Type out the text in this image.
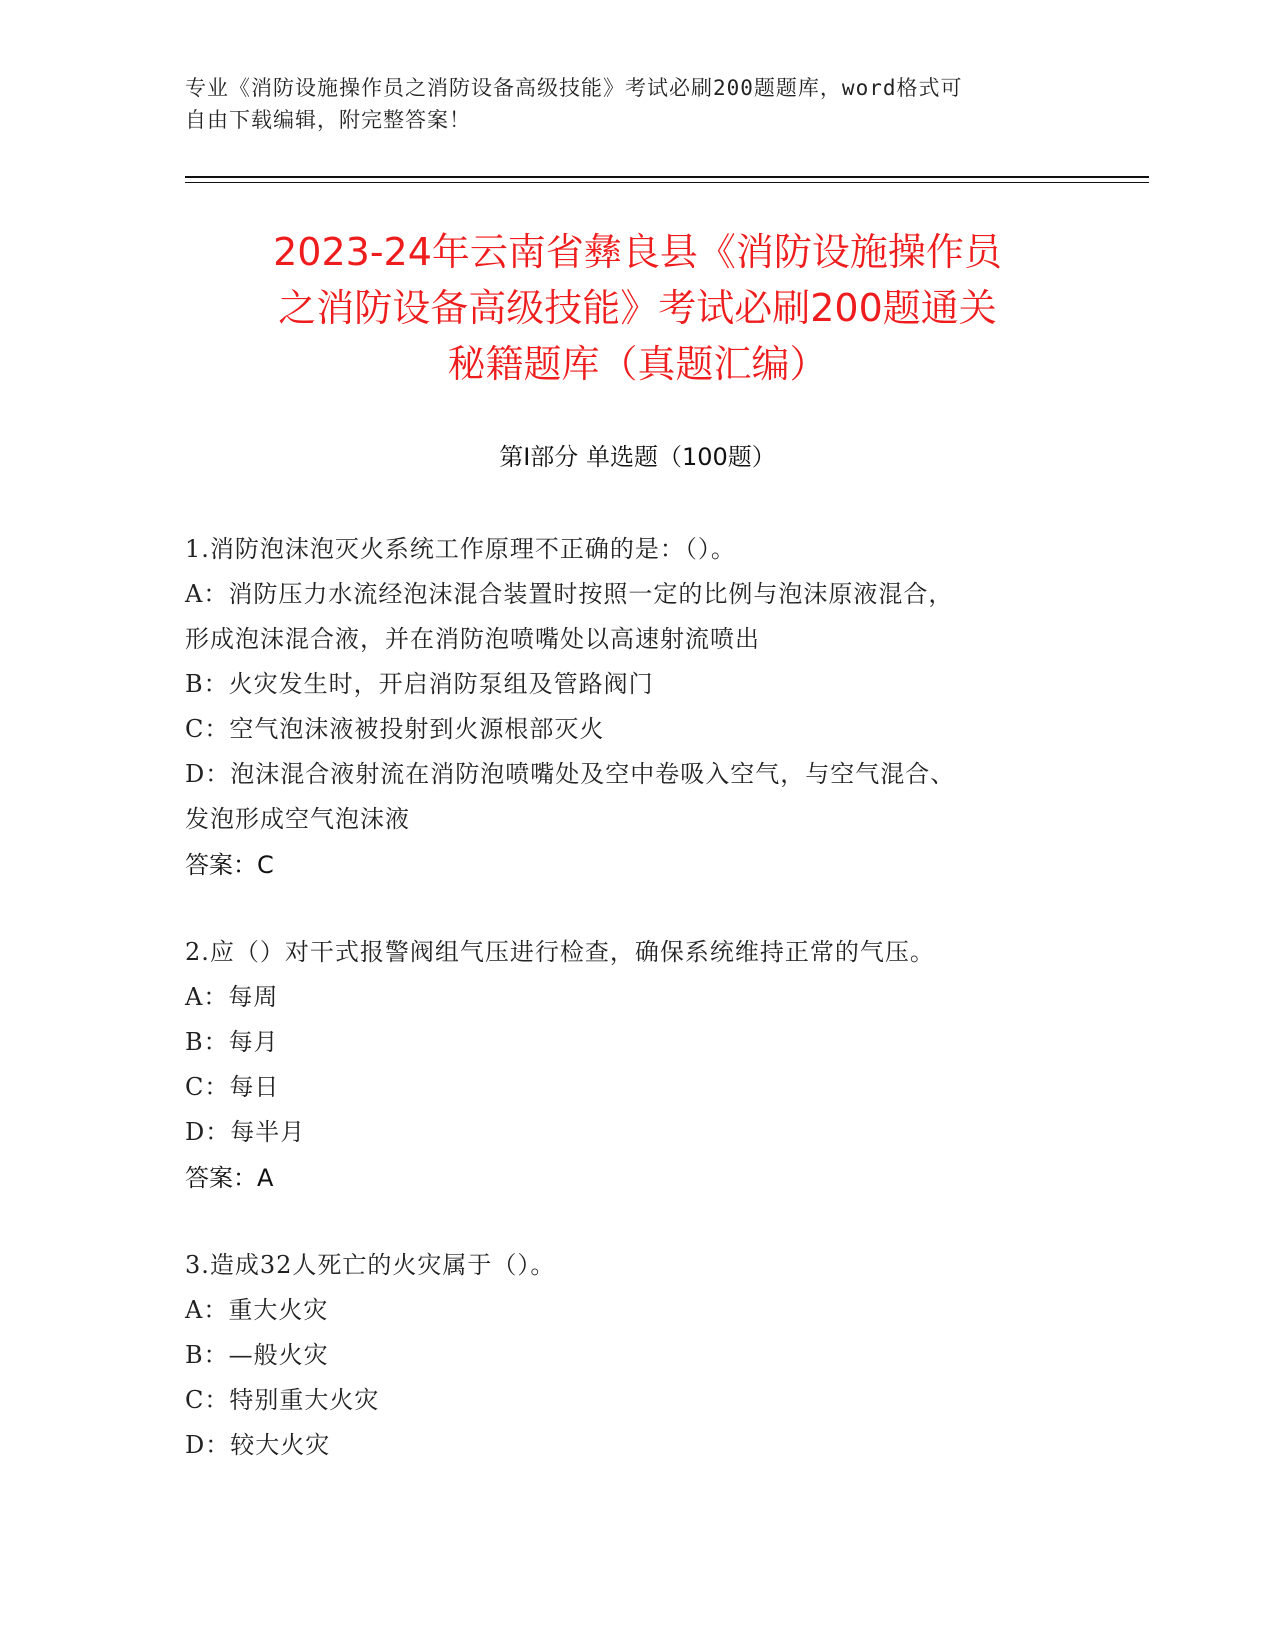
专业《消防设施操作员之消防设备高级技能》考试必刷200题题库，word格式可
自由下载编辑，附完整答案！
2023-24年云南省彝良县《消防设施操作员
之消防设备高级技能》考试必刷200题通关
秘籍题库（真题汇编）
第Ⅰ部分 单选题（100题）
1.消防泡沫泡灭火系统工作原理不正确的是：（）。
A：消防压力水流经泡沫混合装置时按照一定的比例与泡沫原液混合，
形成泡沫混合液，并在消防泡喷嘴处以高速射流喷出
B：火灾发生时，开启消防泵组及管路阀门
C：空气泡沫液被投射到火源根部灭火
D：泡沫混合液射流在消防泡喷嘴处及空中卷吸入空气，与空气混合、
发泡形成空气泡沫液
答案：C
2.应（）对干式报警阀组气压进行检查，确保系统维持正常的气压。
A：每周
B：每月
C：每日
D：每半月
答案：A
3.造成32人死亡的火灾属于（）。
A：重大火灾
B：—般火灾
C：特别重大火灾
D：较大火灾
